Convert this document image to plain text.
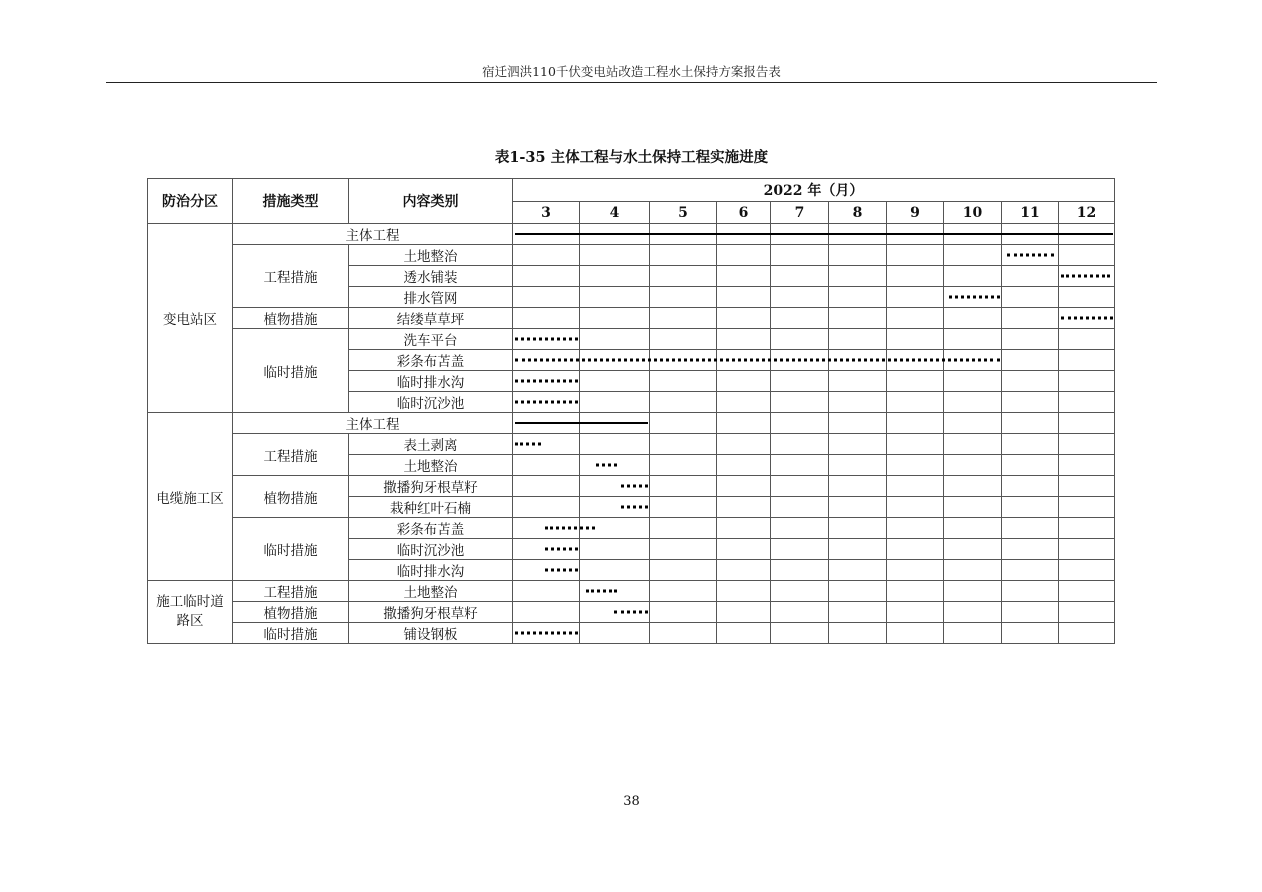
宿迁泗洪110千伏变电站改造工程水土保持方案报告表
表1-35 主体工程与水土保持工程实施进度
防治分区	措施类型	内容类别	2022 年（月）									
			3	4	5	6	7	8	9	10	11	12
变电站区	主体工程		

	工程措施	土地整治									

		透水铺装										

		排水管网								

	植物措施	结缕草草坪										

	临时措施	洗车平台	

		彩条布苫盖	

		临时排水沟	

		临时沉沙池	

电缆施工区	主体工程		

	工程措施	表土剥离	

		土地整治		

	植物措施	撒播狗牙根草籽		

		栽种红叶石楠		

	临时措施	彩条布苫盖	

		临时沉沙池	

		临时排水沟	

施工临时道路区	工程措施	土地整治		

	植物措施	撒播狗牙根草籽		

	临时措施	铺设钢板	

38
